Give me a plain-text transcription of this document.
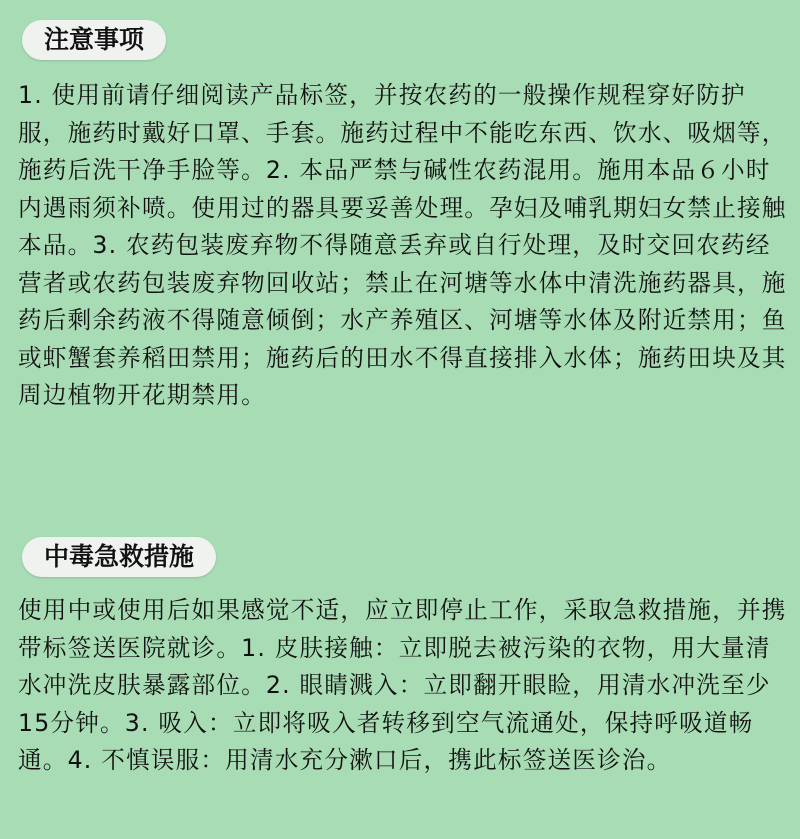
注意事项

1. 使用前请仔细阅读产品标签，并按农药的一般操作规程穿好防护服，施药时戴好口罩、手套。施药过程中不能吃东西、饮水、吸烟等，施药后洗干净手脸等。2. 本品严禁与碱性农药混用。施用本品６小时内遇雨须补喷。使用过的器具要妥善处理。孕妇及哺乳期妇女禁止接触本品。3. 农药包装废弃物不得随意丢弃或自行处理，及时交回农药经营者或农药包装废弃物回收站；禁止在河塘等水体中清洗施药器具，施药后剩余药液不得随意倾倒；水产养殖区、河塘等水体及附近禁用；鱼或虾蟹套养稻田禁用；施药后的田水不得直接排入水体；施药田块及其周边植物开花期禁用。

中毒急救措施

使用中或使用后如果感觉不适，应立即停止工作，采取急救措施，并携带标签送医院就诊。1. 皮肤接触：立即脱去被污染的衣物，用大量清水冲洗皮肤暴露部位。2. 眼睛溅入：立即翻开眼睑，用清水冲洗至少15分钟。3. 吸入：立即将吸入者转移到空气流通处，保持呼吸道畅通。4. 不慎误服：用清水充分漱口后，携此标签送医诊治。
